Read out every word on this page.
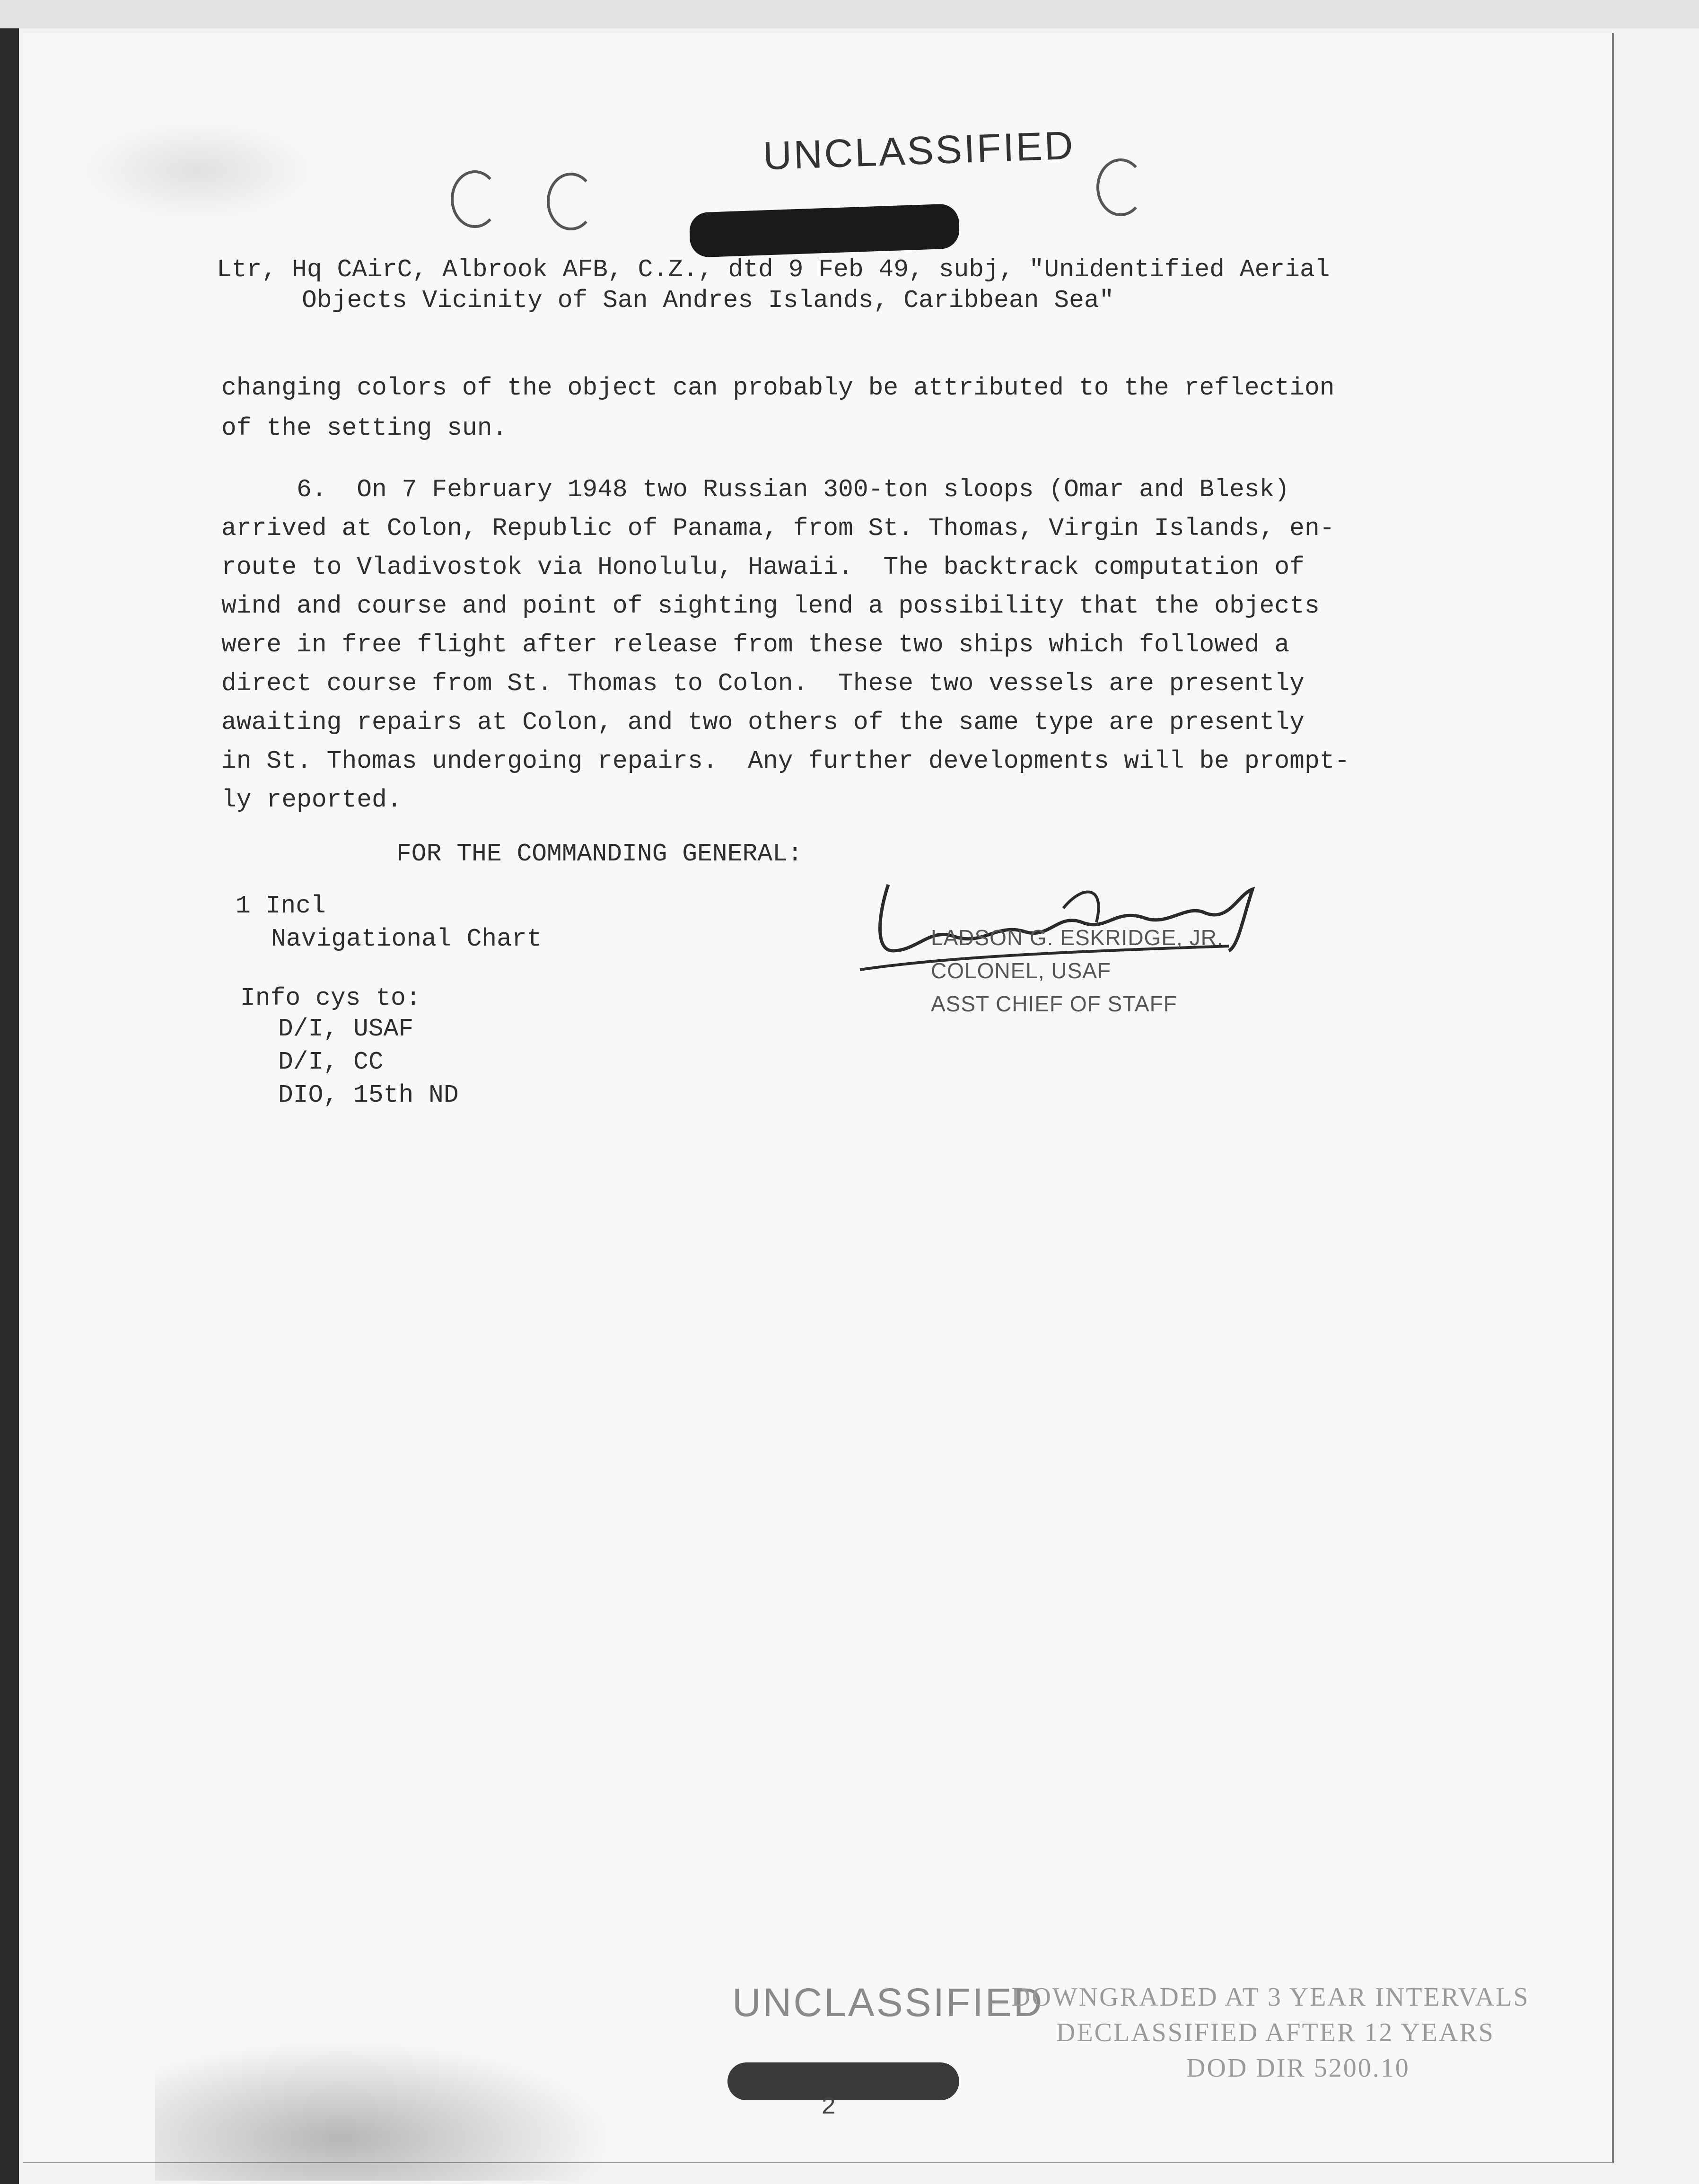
UNCLASSIFIED
Ltr, Hq CAirC, Albrook AFB, C.Z., dtd 9 Feb 49, subj, "Unidentified Aerial
Objects Vicinity of San Andres Islands, Caribbean Sea"
changing colors of the object can probably be attributed to the reflection
of the setting sun.
6.  On 7 February 1948 two Russian 300-ton sloops (Omar and Blesk)
arrived at Colon, Republic of Panama, from St. Thomas, Virgin Islands, en-
route to Vladivostok via Honolulu, Hawaii.  The backtrack computation of
wind and course and point of sighting lend a possibility that the objects
were in free flight after release from these two ships which followed a
direct course from St. Thomas to Colon.  These two vessels are presently
awaiting repairs at Colon, and two others of the same type are presently
in St. Thomas undergoing repairs.  Any further developments will be prompt-
ly reported.
FOR THE COMMANDING GENERAL:
LADSON G. ESKRIDGE, JR.
COLONEL, USAF
ASST CHIEF OF STAFF
1 Incl
Navigational Chart
Info cys to:
D/I, USAF
D/I, CC
DIO, 15th ND
UNCLASSIFIED
2
DOWNGRADED AT 3 YEAR INTERVALS
DECLASSIFIED AFTER 12 YEARS
DOD DIR 5200.10
